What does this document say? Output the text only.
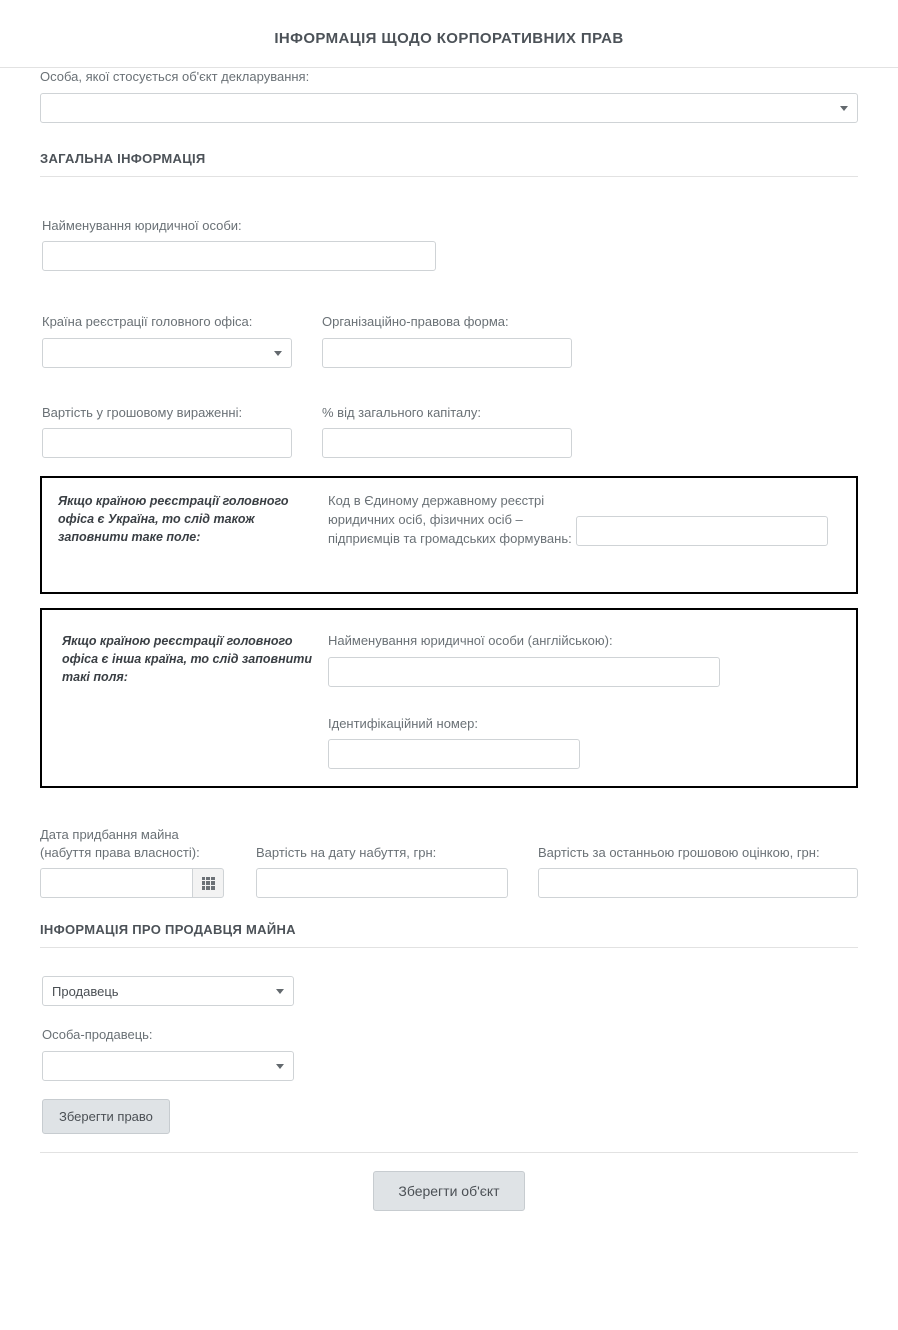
ІНФОРМАЦІЯ ЩОДО КОРПОРАТИВНИХ ПРАВ
Особа, якої стосується об'єкт декларування:
ЗАГАЛЬНА ІНФОРМАЦІЯ
Найменування юридичної особи:
Країна реєстрації головного офіса:	Організаційно-правова форма:
Вартість у грошовому вираженні:	% від загального капіталу:
Якщо країною реєстрації головного офіса є Україна, то слід також заповнити таке поле:
Код в Єдиному державному реєстрі юридичних осіб, фізичних осіб – підприємців та громадських формувань:
Якщо країною реєстрації головного офіса є інша країна, то слід заповнити такі поля:
Найменування юридичної особи (англійською):
Ідентифікаційний номер:
Дата придбання майна
(набуття права власності):	Вартість на дату набуття, грн:	Вартість за останньою грошовою оцінкою, грн:
ІНФОРМАЦІЯ ПРО ПРОДАВЦЯ МАЙНА
Продавець
Особа-продавець:
Зберегти право
Зберегти об'єкт
